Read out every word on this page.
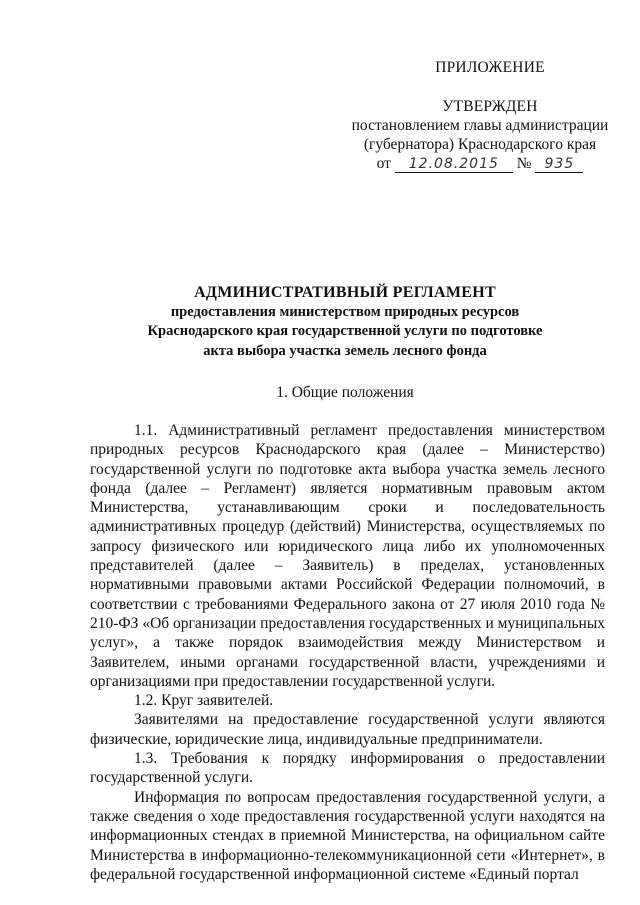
ПРИЛОЖЕНИЕ
УТВЕРЖДЕН
постановлением главы администрации
(губернатора) Краснодарского края
от 12.08.2015 № 935
АДМИНИСТРАТИВНЫЙ РЕГЛАМЕНТ
предоставления министерством природных ресурсов
Краснодарского края государственной услуги по подготовке
акта выбора участка земель лесного фонда
1. Общие положения

1.1. Административный регламент предоставления министерством природных ресурсов Краснодарского края (далее – Министерство) государственной услуги по подготовке акта выбора участка земель лесного фонда (далее – Регламент) является нормативным правовым актом Министерства, устанавливающим сроки и последовательность административных процедур (действий) Министерства, осуществляемых по запросу физического или юридического лица либо их уполномоченных представителей (далее – Заявитель) в пределах, установленных нормативными правовыми актами Российской Федерации полномочий, в соответствии с требованиями Федерального закона от 27 июля 2010 года № 210-ФЗ «Об организации предоставления государственных и муниципальных услуг», а также порядок взаимодействия между Министерством и Заявителем, иными органами государственной власти, учреждениями и организациями при предоставлении государственной услуги.

1.2. Круг заявителей.

Заявителями на предоставление государственной услуги являются физические, юридические лица, индивидуальные предприниматели.

1.3. Требования к порядку информирования о предоставлении государственной услуги.

Информация по вопросам предоставления государственной услуги, а также сведения о ходе предоставления государственной услуги находятся на информационных стендах в приемной Министерства, на официальном сайте Министерства в информационно-телекоммуникационной сети «Интернет», в федеральной государственной информационной системе «Единый портал
